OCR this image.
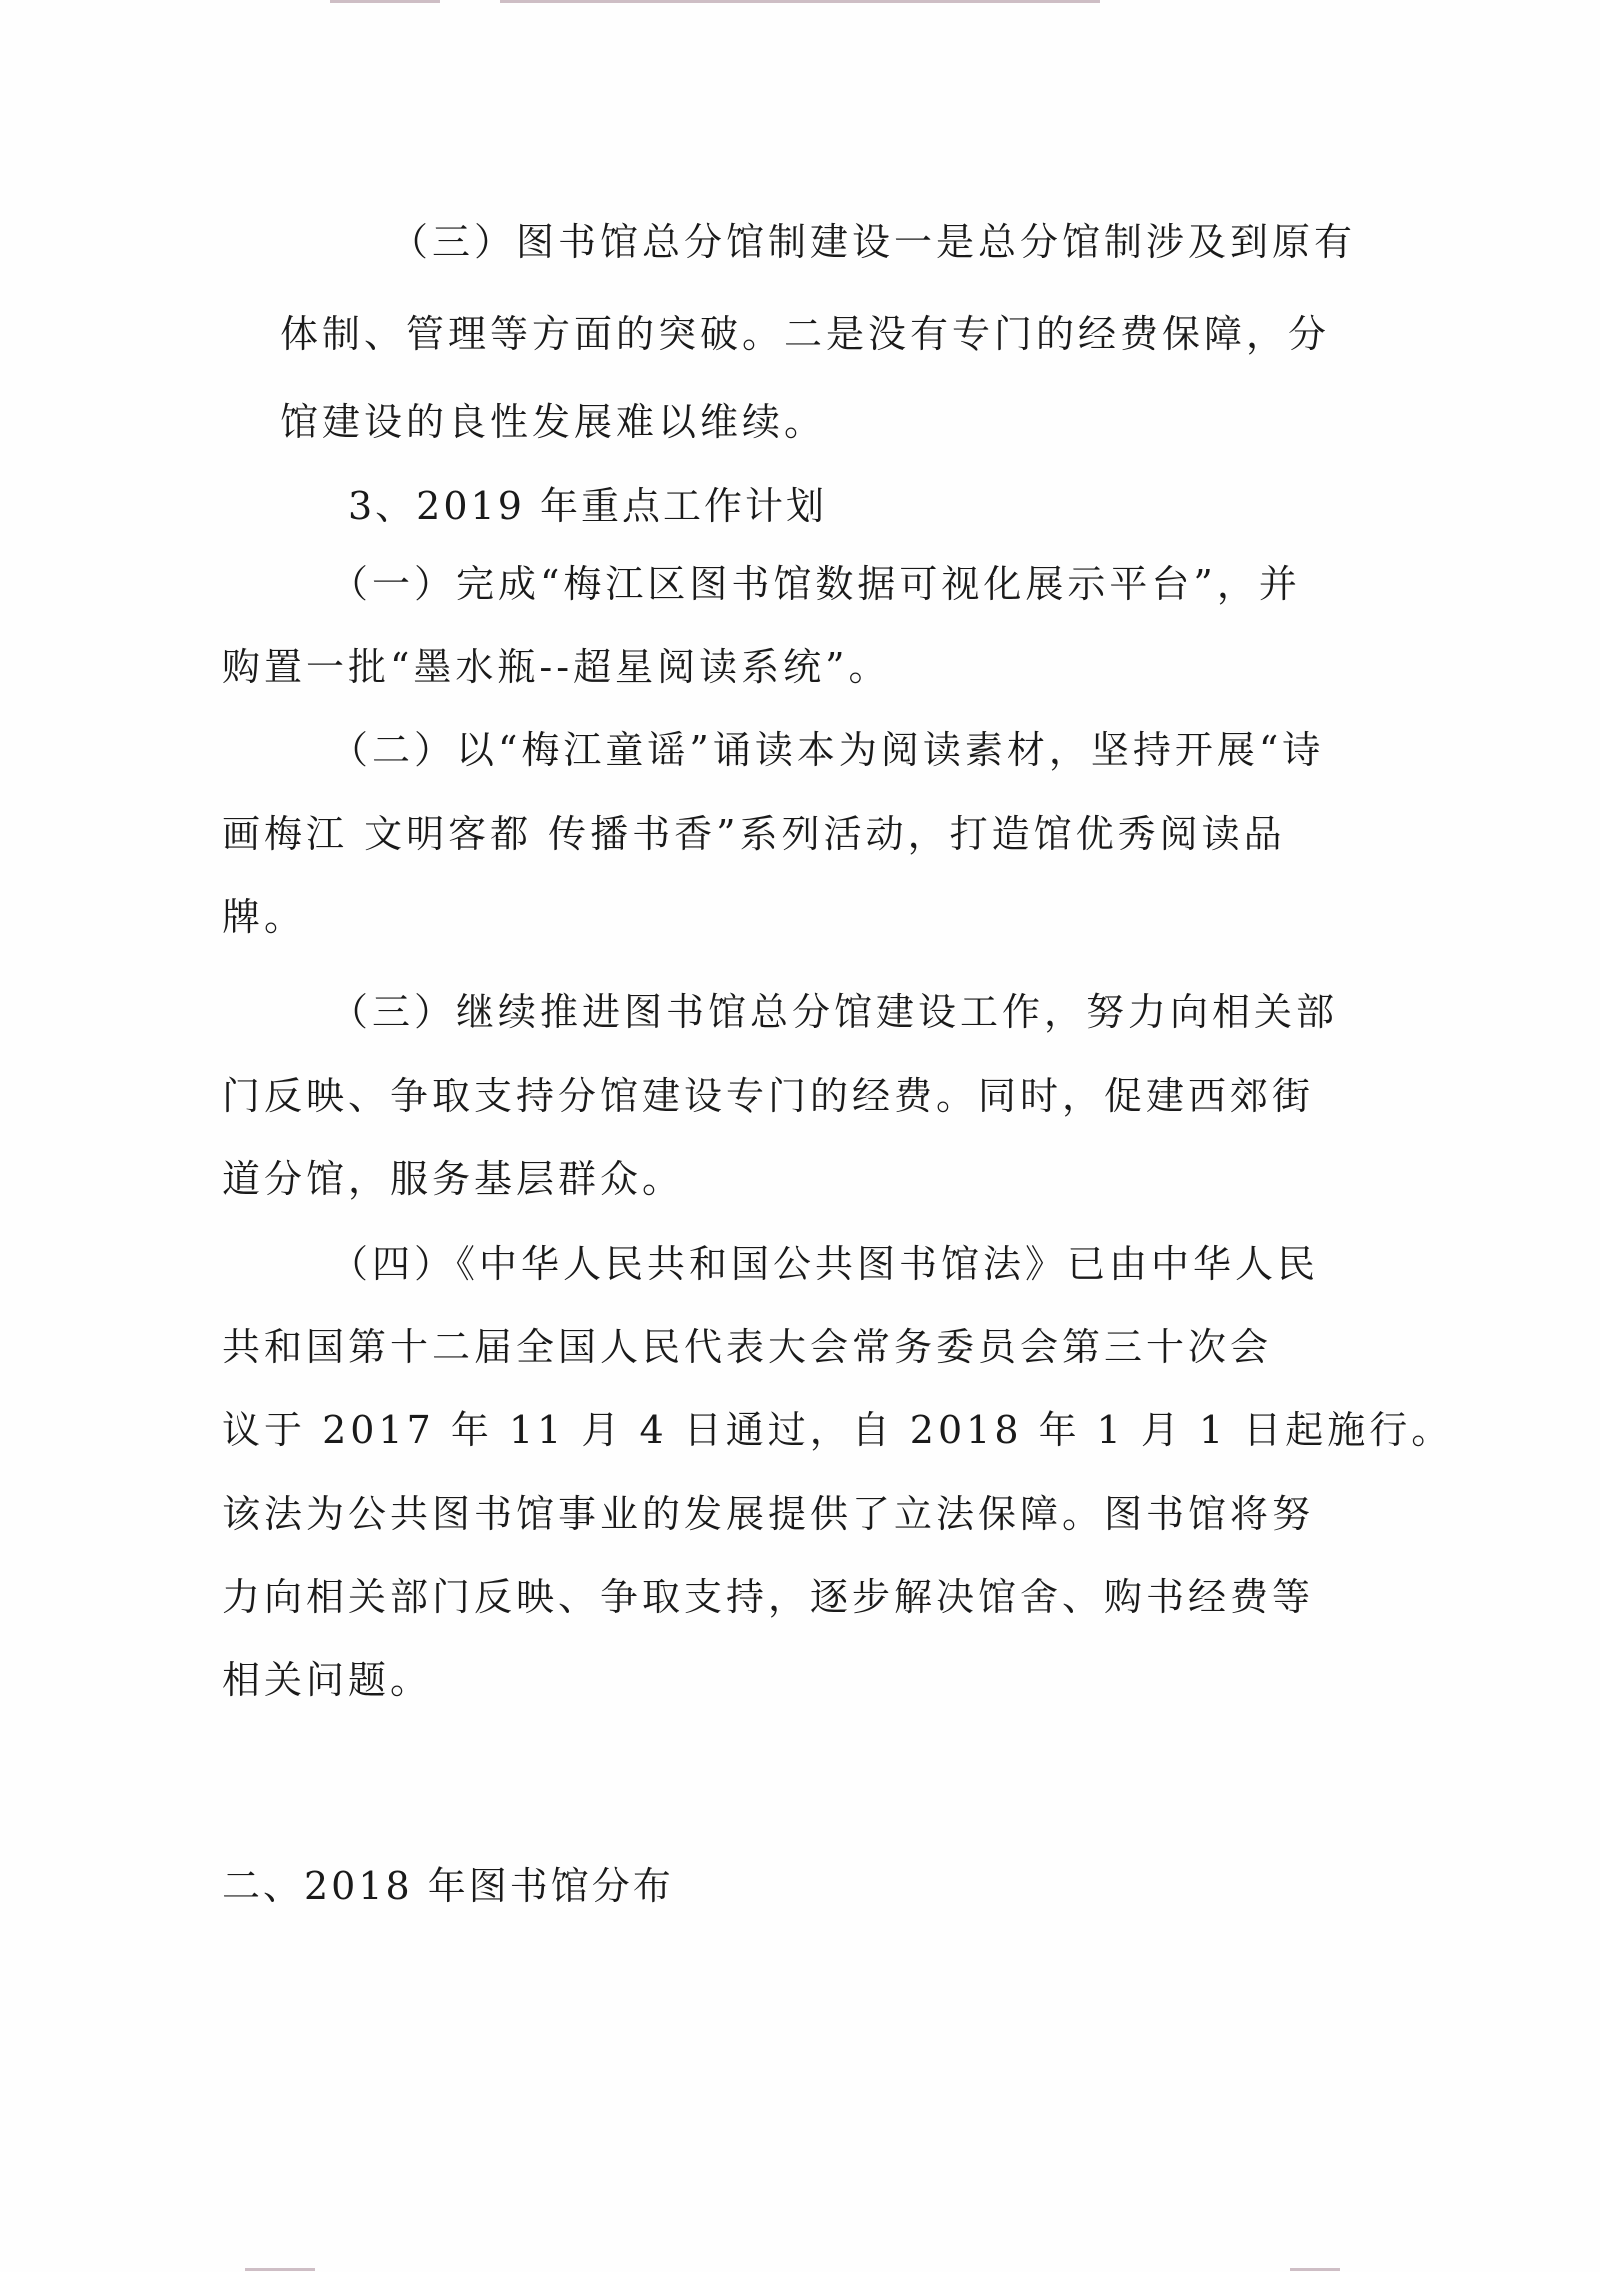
（三）图书馆总分馆制建设一是总分馆制涉及到原有
体制、管理等方面的突破。二是没有专门的经费保障，分
馆建设的良性发展难以维续。
3、2019 年重点工作计划
（一）完成“梅江区图书馆数据可视化展示平台”，并
购置一批“墨水瓶--超星阅读系统”。
（二）以“梅江童谣”诵读本为阅读素材，坚持开展“诗
画梅江 文明客都 传播书香”系列活动，打造馆优秀阅读品
牌。
（三）继续推进图书馆总分馆建设工作，努力向相关部
门反映、争取支持分馆建设专门的经费。同时，促建西郊街
道分馆，服务基层群众。
（四）《中华人民共和国公共图书馆法》已由中华人民
共和国第十二届全国人民代表大会常务委员会第三十次会
议于 2017 年 11 月 4 日通过，自 2018 年 1 月 1 日起施行。
该法为公共图书馆事业的发展提供了立法保障。图书馆将努
力向相关部门反映、争取支持，逐步解决馆舍、购书经费等
相关问题。
二、2018 年图书馆分布
